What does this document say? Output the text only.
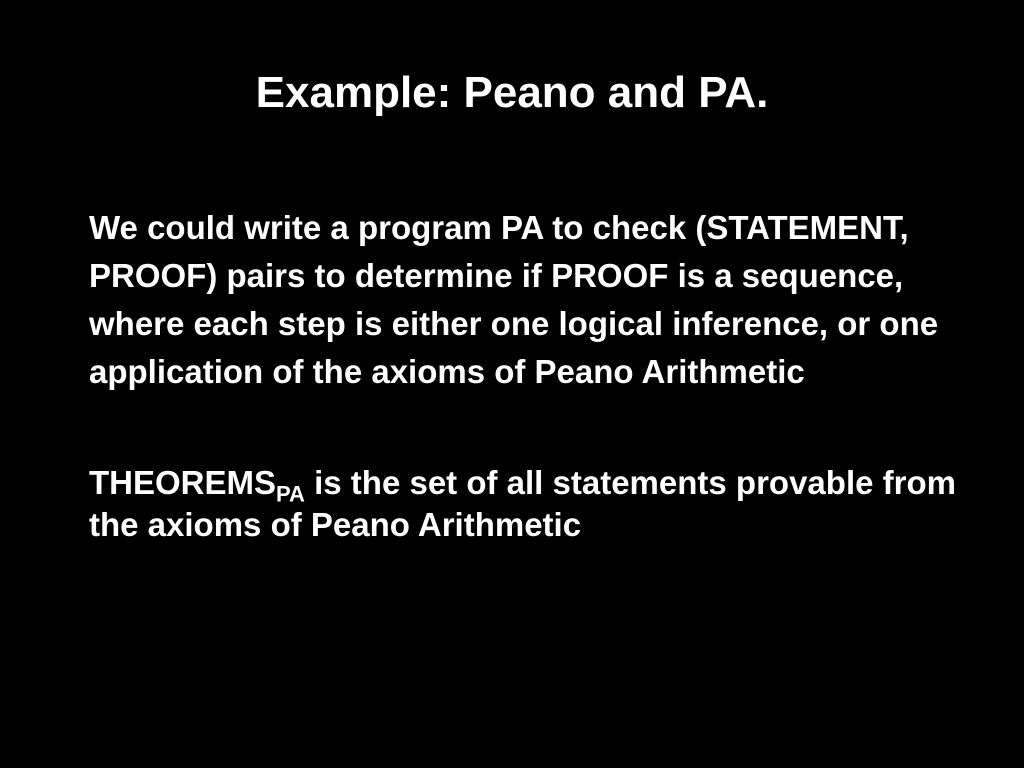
Example: Peano and PA.

We could write a program PA to check (STATEMENT, PROOF) pairs to determine if PROOF is a sequence, where each step is either one logical inference, or one application of the axioms of Peano Arithmetic

$THEOREMS_{PA}$ is the set of all statements provable from the axioms of Peano Arithmetic
